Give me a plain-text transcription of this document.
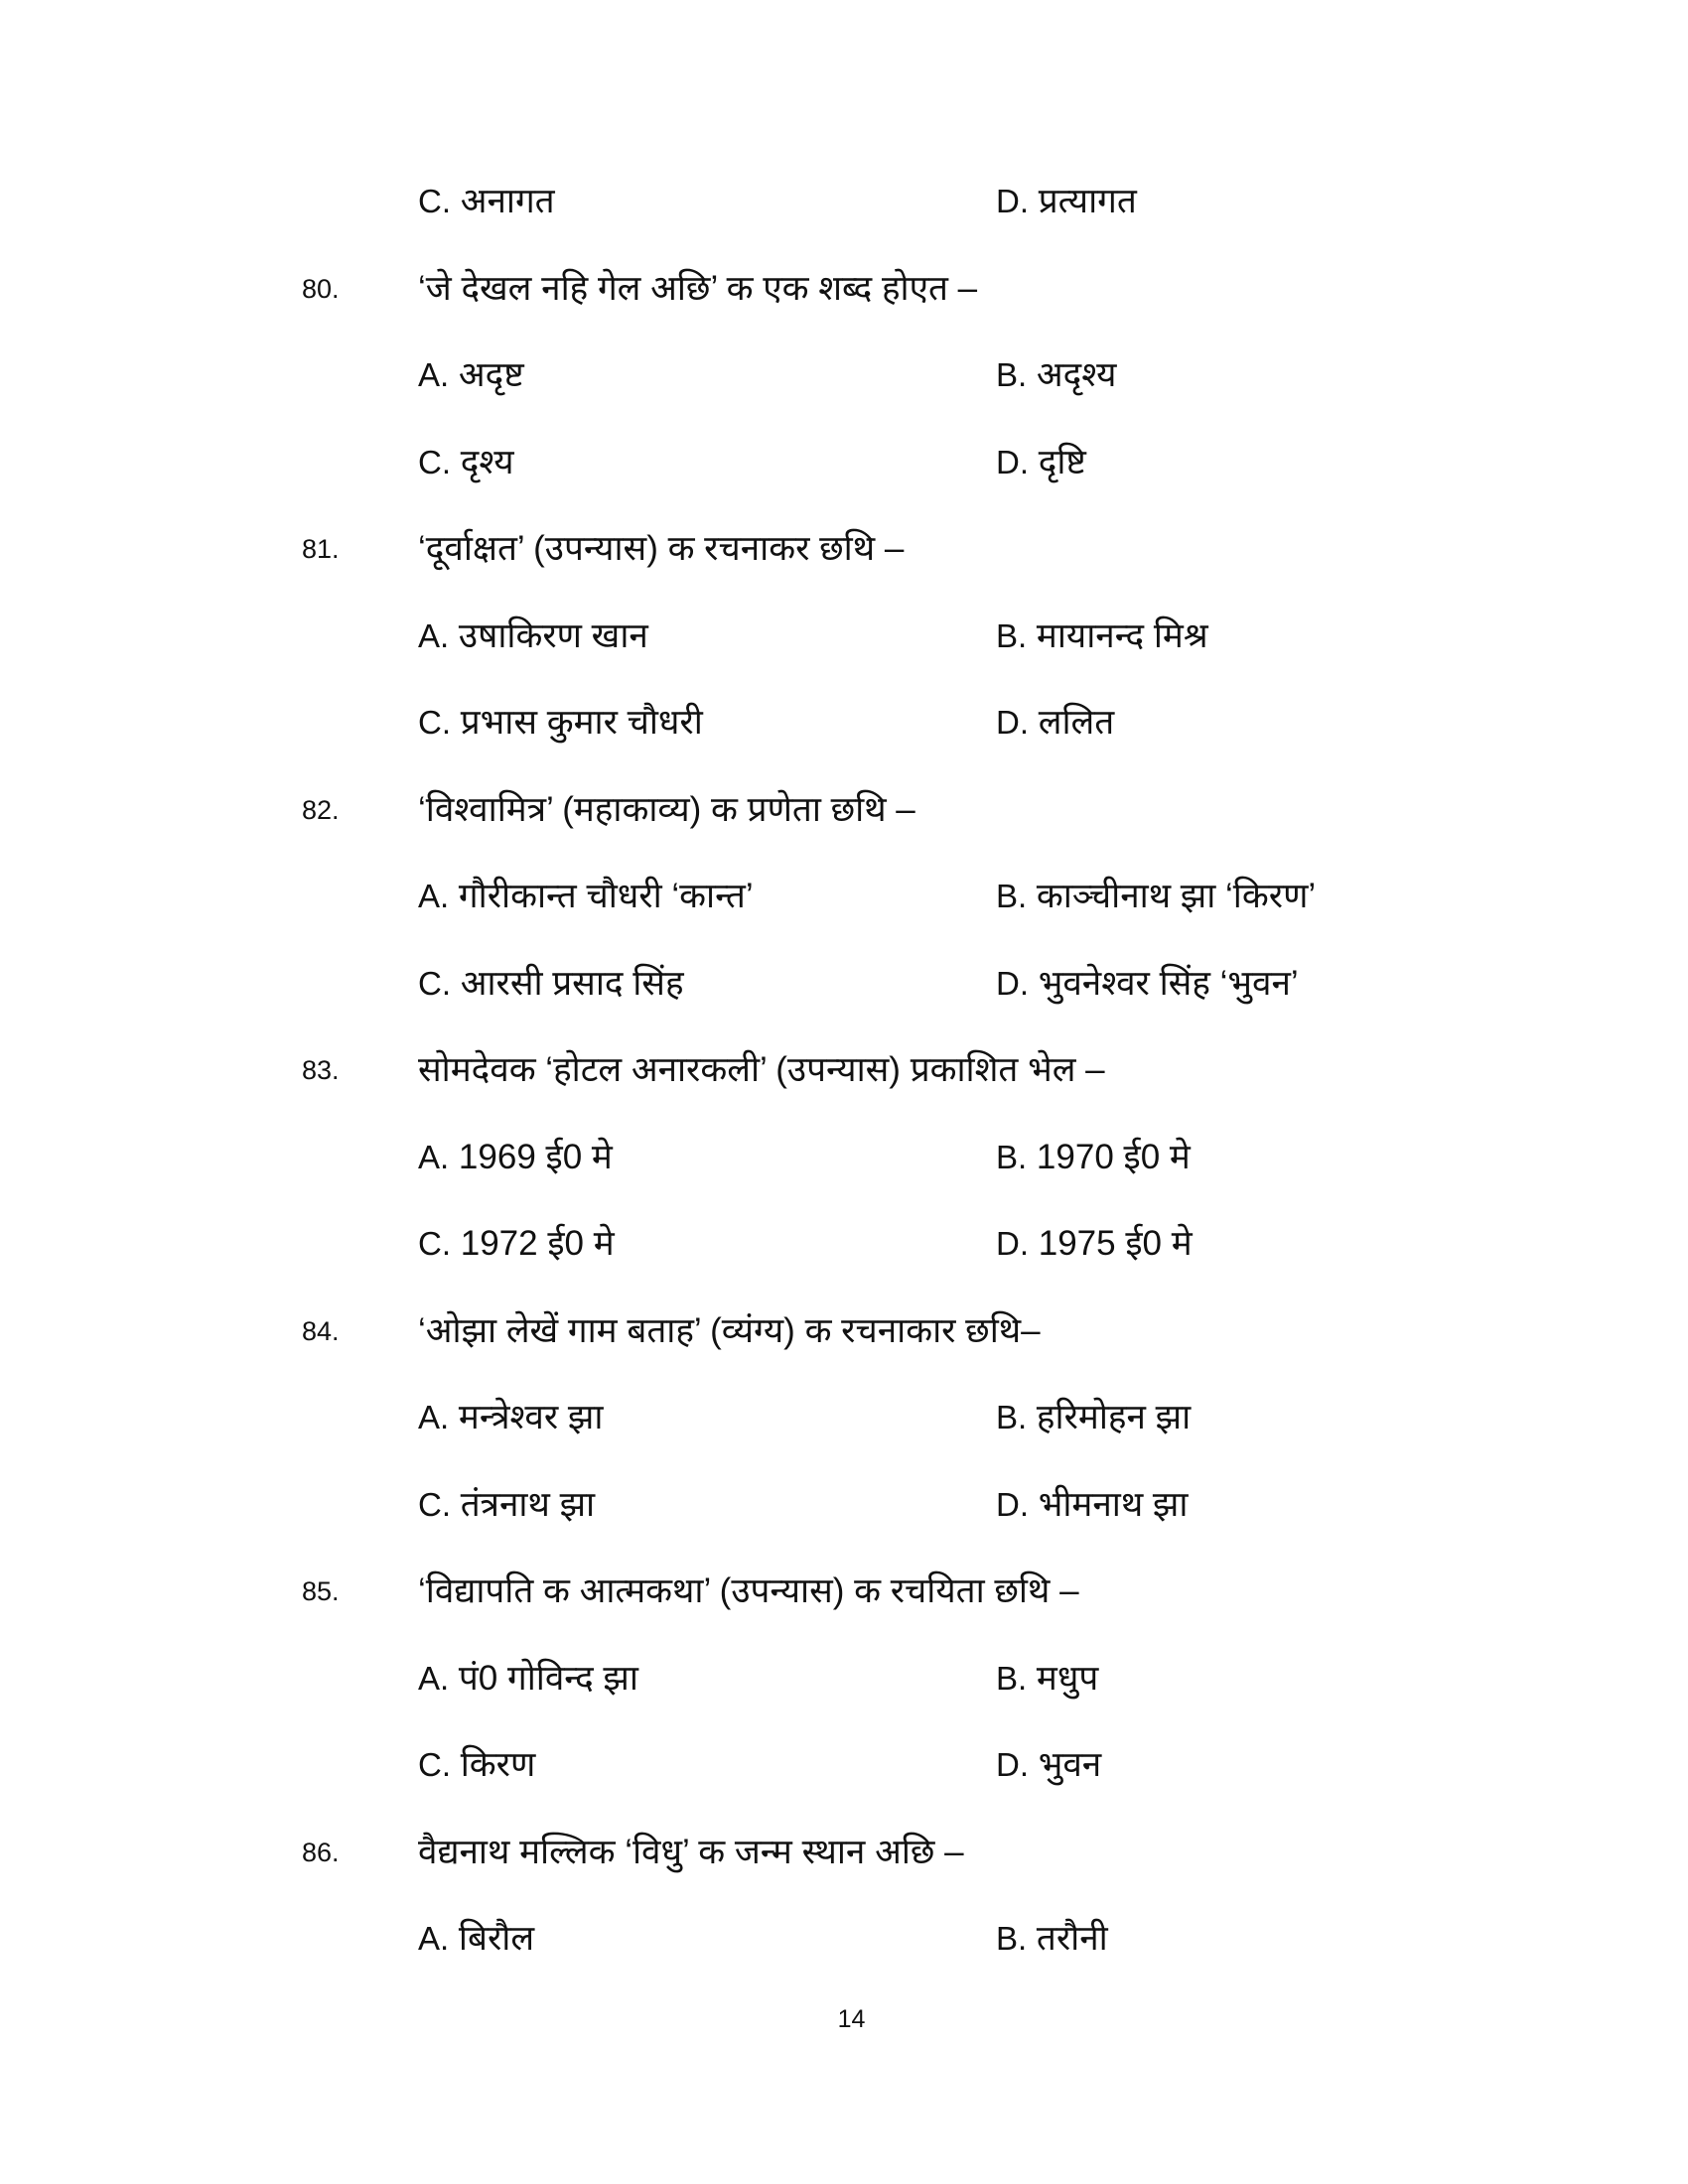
C. अनागत	D. प्रत्यागत
80. ‘जे देखल नहि गेल अछि’ क एक शब्द होएत –
A. अदृष्ट	B. अदृश्य
C. दृश्य	D. दृष्टि
81. ‘दूर्वाक्षत’ (उपन्यास) क रचनाकर छथि –
A. उषाकिरण खान	B. मायानन्द मिश्र
C. प्रभास कुमार चौधरी	D. ललित
82. ‘विश्वामित्र’ (महाकाव्य) क प्रणेता छथि –
A. गौरीकान्त चौधरी ‘कान्त’	B. काञ्चीनाथ झा ‘किरण’
C. आरसी प्रसाद सिंह	D. भुवनेश्वर सिंह ‘भुवन’
83. सोमदेवक ‘होटल अनारकली’ (उपन्यास) प्रकाशित भेल –
A. 1969 ई0 मे	B. 1970 ई0 मे
C. 1972 ई0 मे	D. 1975 ई0 मे
84. ‘ओझा लेखें गाम बताह’ (व्यंग्य) क रचनाकार छथि–
A. मन्त्रेश्वर झा	B. हरिमोहन झा
C. तंत्रनाथ झा	D. भीमनाथ झा
85. ‘विद्यापति क आत्मकथा’ (उपन्यास) क रचयिता छथि –
A. पं0 गोविन्द झा	B. मधुप
C. किरण	D. भुवन
86. वैद्यनाथ मल्लिक ‘विधु’ क जन्म स्थान अछि –
A. बिरौल	B. तरौनी
14
